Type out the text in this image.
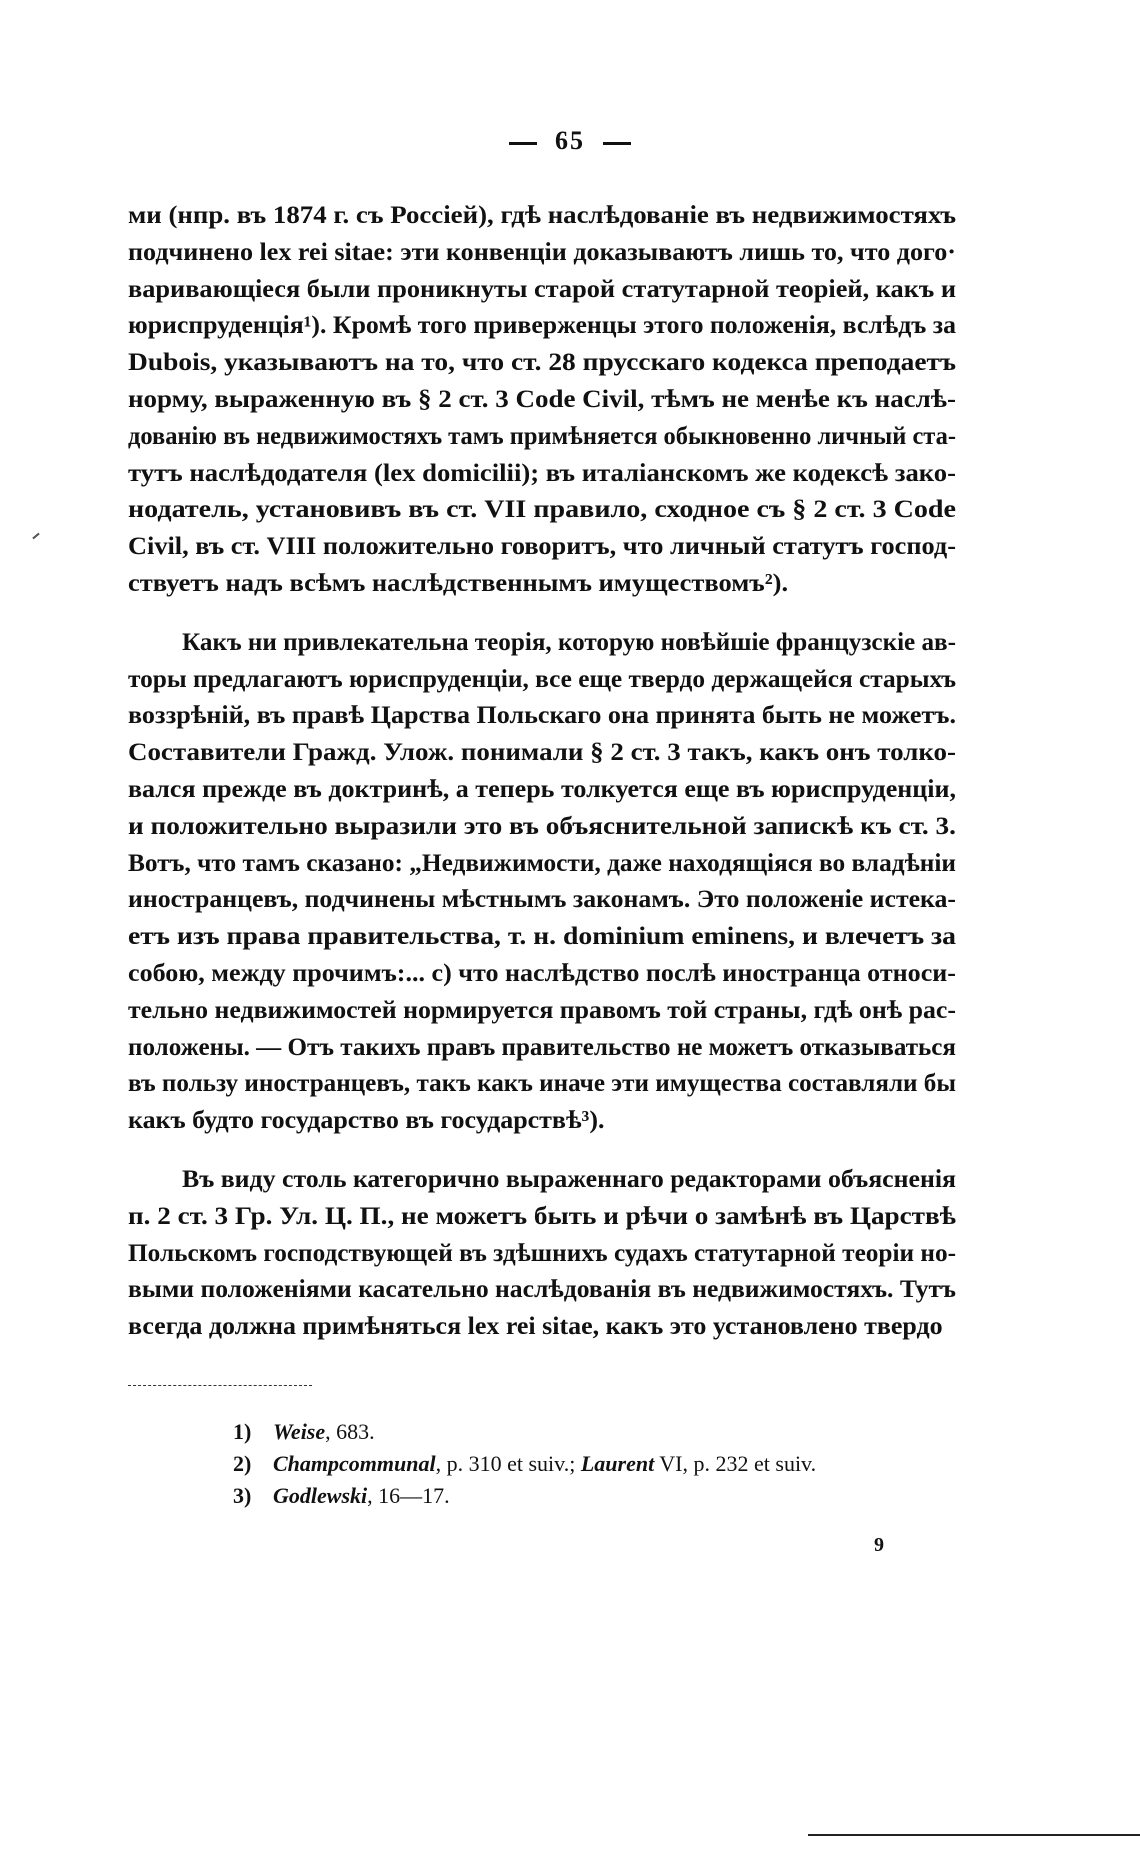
65
ми (нпр. въ 1874 г. съ Россіей), гдѣ наслѣдованіе въ недвижимостяхъ
подчинено lex rei sitae: эти конвенціи доказываютъ лишь то, что дого·
варивающіеся были проникнуты старой статутарной теоріей, какъ и
юриспруденція¹). Кромѣ того приверженцы этого положенія, вслѣдъ за
Dubois, указываютъ на то, что ст. 28 прусскаго кодекса преподаетъ
норму, выраженную въ § 2 ст. 3 Code Civil, тѣмъ не менѣе къ наслѣ-
дованію въ недвижимостяхъ тамъ примѣняется обыкновенно личный ста-
тутъ наслѣдодателя (lex domicilii); въ италіанскомъ же кодексѣ зако-
нодатель, установивъ въ ст. VII правило, сходное съ § 2 ст. 3 Code
Civil, въ ст. VIII положительно говоритъ, что личный статутъ господ-
ствуетъ надъ всѣмъ наслѣдственнымъ имуществомъ²).
Какъ ни привлекательна теорія, которую новѣйшіе французскіе ав-
торы предлагаютъ юриспруденціи, все еще твердо держащейся старыхъ
воззрѣній, въ правѣ Царства Польскаго она принята быть не можетъ.
Составители Гражд. Улож. понимали § 2 ст. 3 такъ, какъ онъ толко-
вался прежде въ доктринѣ, а теперь толкуется еще въ юриспруденціи,
и положительно выразили это въ объяснительной запискѣ къ ст. 3.
Вотъ, что тамъ сказано: „Недвижимости, даже находящіяся во владѣніи
иностранцевъ, подчинены мѣстнымъ законамъ. Это положеніе истека-
етъ изъ права правительства, т. н. dominium eminens, и влечетъ за
собою, между прочимъ:... c) что наслѣдство послѣ иностранца относи-
тельно недвижимостей нормируется правомъ той страны, гдѣ онѣ рас-
положены. — Отъ такихъ правъ правительство не можетъ отказываться
въ пользу иностранцевъ, такъ какъ иначе эти имущества составляли бы
какъ будто государство въ государствѣ³).
Въ виду столь категорично выраженнаго редакторами объясненія
п. 2 ст. 3 Гр. Ул. Ц. П., не можетъ быть и рѣчи о замѣнѣ въ Царствѣ
Польскомъ господствующей въ здѣшнихъ судахъ статутарной теоріи но-
выми положеніями касательно наслѣдованія въ недвижимостяхъ. Тутъ
всегда должна примѣняться lex rei sitae, какъ это установлено твердо
1) Weise, 683.
2) Champcommunal, p. 310 et suiv.; Laurent VI, p. 232 et suiv.
3) Godlewski, 16—17.
9
